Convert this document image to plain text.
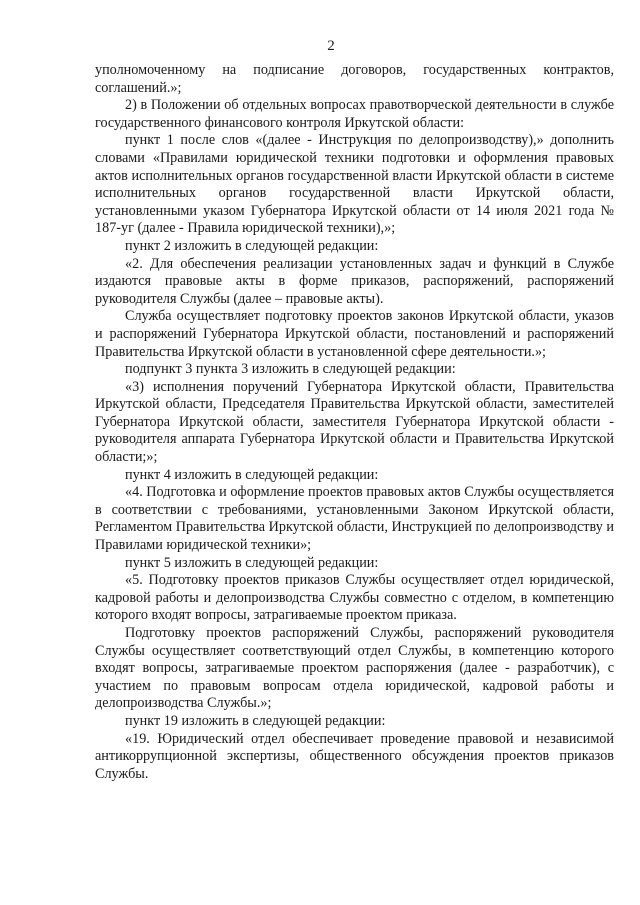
2

уполномоченному на подписание договоров, государственных контрактов, соглашений.»;

2) в Положении об отдельных вопросах правотворческой деятельности в службе государственного финансового контроля Иркутской области:

пункт 1 после слов «(далее - Инструкция по делопроизводству),» дополнить словами «Правилами юридической техники подготовки и оформления правовых актов исполнительных органов государственной власти Иркутской области в системе исполнительных органов государственной власти Иркутской области, установленными указом Губернатора Иркутской области от 14 июля 2021 года № 187-уг (далее - Правила юридической техники),»;

пункт 2 изложить в следующей редакции:

«2. Для обеспечения реализации установленных задач и функций в Службе издаются правовые акты в форме приказов, распоряжений, распоряжений руководителя Службы (далее – правовые акты).

Служба осуществляет подготовку проектов законов Иркутской области, указов и распоряжений Губернатора Иркутской области, постановлений и распоряжений Правительства Иркутской области в установленной сфере деятельности.»;

подпункт 3 пункта 3 изложить в следующей редакции:

«3) исполнения поручений Губернатора Иркутской области, Правительства Иркутской области, Председателя Правительства Иркутской области, заместителей Губернатора Иркутской области, заместителя Губернатора Иркутской области - руководителя аппарата Губернатора Иркутской области и Правительства Иркутской области;»;

пункт 4 изложить в следующей редакции:

«4. Подготовка и оформление проектов правовых актов Службы осуществляется в соответствии с требованиями, установленными Законом Иркутской области, Регламентом Правительства Иркутской области, Инструкцией по делопроизводству и Правилами юридической техники»;

пункт 5 изложить в следующей редакции:

«5. Подготовку проектов приказов Службы осуществляет отдел юридической, кадровой работы и делопроизводства Службы совместно с отделом, в компетенцию которого входят вопросы, затрагиваемые проектом приказа.

Подготовку проектов распоряжений Службы, распоряжений руководителя Службы осуществляет соответствующий отдел Службы, в компетенцию которого входят вопросы, затрагиваемые проектом распоряжения (далее - разработчик), с участием по правовым вопросам отдела юридической, кадровой работы и делопроизводства Службы.»;

пункт 19 изложить в следующей редакции:

«19. Юридический отдел обеспечивает проведение правовой и независимой антикоррупционной экспертизы, общественного обсуждения проектов приказов Службы.
